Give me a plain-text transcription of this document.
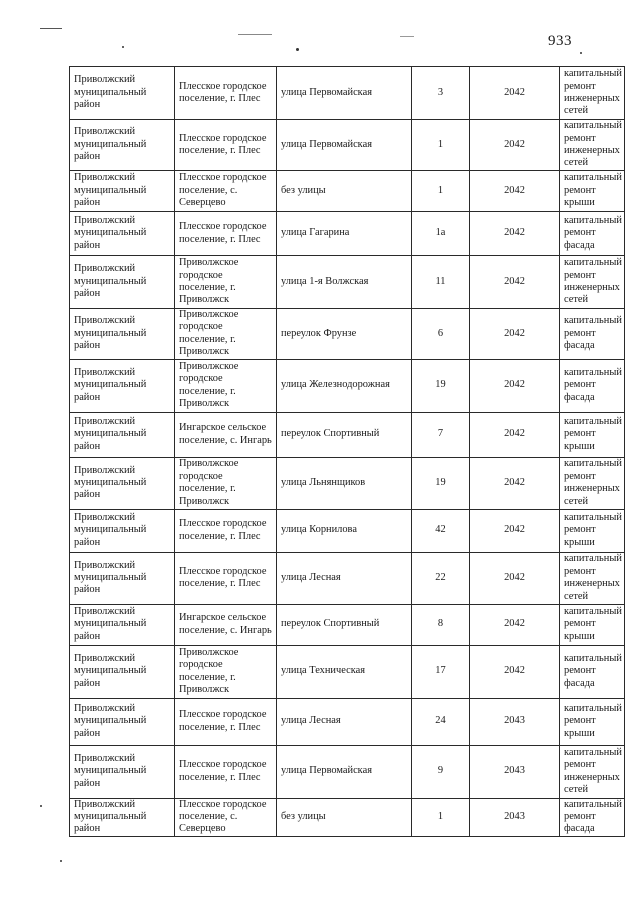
933
Приволжский муниципальный район	Плесское городское поселение, г. Плес	улица Первомайская	3	2042	капитальный ремонт инженерных сетей
Приволжский муниципальный район	Плесское городское поселение, г. Плес	улица Первомайская	1	2042	капитальный ремонт инженерных сетей
Приволжский муниципальный район	Плесское городское поселение, с. Северцево	без улицы	1	2042	капитальный ремонт крыши
Приволжский муниципальный район	Плесское городское поселение, г. Плес	улица Гагарина	1а	2042	капитальный ремонт фасада
Приволжский муниципальный район	Приволжское городское поселение, г. Приволжск	улица 1-я Волжская	11	2042	капитальный ремонт инженерных сетей
Приволжский муниципальный район	Приволжское городское поселение, г. Приволжск	переулок Фрунзе	6	2042	капитальный ремонт фасада
Приволжский муниципальный район	Приволжское городское поселение, г. Приволжск	улица Железнодорожная	19	2042	капитальный ремонт фасада
Приволжский муниципальный район	Ингарское сельское поселение, с. Ингарь	переулок Спортивный	7	2042	капитальный ремонт крыши
Приволжский муниципальный район	Приволжское городское поселение, г. Приволжск	улица Льнянщиков	19	2042	капитальный ремонт инженерных сетей
Приволжский муниципальный район	Плесское городское поселение, г. Плес	улица Корнилова	42	2042	капитальный ремонт крыши
Приволжский муниципальный район	Плесское городское поселение, г. Плес	улица Лесная	22	2042	капитальный ремонт инженерных сетей
Приволжский муниципальный район	Ингарское сельское поселение, с. Ингарь	переулок Спортивный	8	2042	капитальный ремонт крыши
Приволжский муниципальный район	Приволжское городское поселение, г. Приволжск	улица Техническая	17	2042	капитальный ремонт фасада
Приволжский муниципальный район	Плесское городское поселение, г. Плес	улица Лесная	24	2043	капитальный ремонт крыши
Приволжский муниципальный район	Плесское городское поселение, г. Плес	улица Первомайская	9	2043	капитальный ремонт инженерных сетей
Приволжский муниципальный район	Плесское городское поселение, с. Северцево	без улицы	1	2043	капитальный ремонт фасада
